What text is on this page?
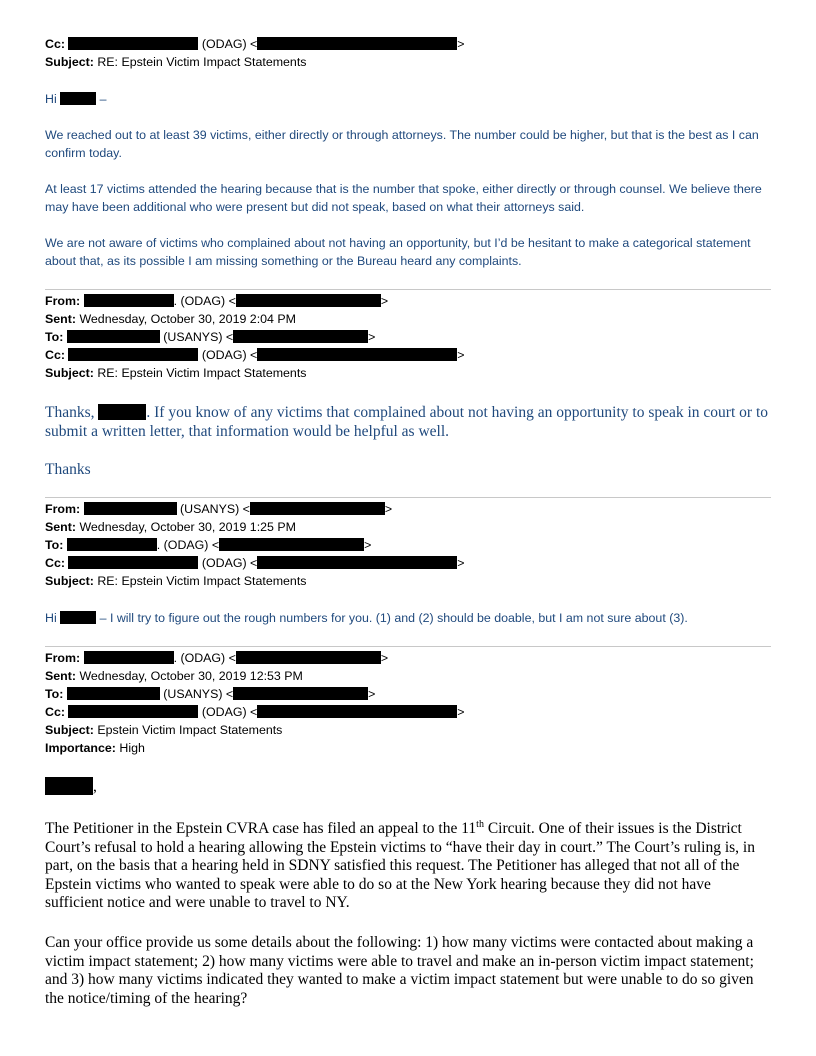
Cc:	(ODAG) <	>
Subject: RE: Epstein Victim Impact Statements
Hi	–
We reached out to at least 39 victims, either directly or through attorneys. The number could be higher, but that is the best as I can confirm today.
At least 17 victims attended the hearing because that is the number that spoke, either directly or through counsel. We believe there may have been additional who were present but did not speak, based on what their attorneys said.
We are not aware of victims who complained about not having an opportunity, but I’d be hesitant to make a categorical statement about that, as its possible I am missing something or the Bureau heard any complaints.
From:	. (ODAG) <	>
Sent: Wednesday, October 30, 2019 2:04 PM
To:	(USANYS) <	>
Cc:	(ODAG) <	>
Subject: RE: Epstein Victim Impact Statements
Thanks,	. If you know of any victims that complained about not having an opportunity to speak in court or to submit a written letter, that information would be helpful as well.
Thanks
From:	(USANYS) <	>
Sent: Wednesday, October 30, 2019 1:25 PM
To:	. (ODAG) <	>
Cc:	(ODAG) <	>
Subject: RE: Epstein Victim Impact Statements
Hi	– I will try to figure out the rough numbers for you. (1) and (2) should be doable, but I am not sure about (3).
From:	. (ODAG) <	>
Sent: Wednesday, October 30, 2019 12:53 PM
To:	(USANYS) <	>
Cc:	(ODAG) <	>
Subject: Epstein Victim Impact Statements
Importance: High
,
The Petitioner in the Epstein CVRA case has filed an appeal to the 11th Circuit. One of their issues is the District Court’s refusal to hold a hearing allowing the Epstein victims to “have their day in court.” The Court’s ruling is, in part, on the basis that a hearing held in SDNY satisfied this request. The Petitioner has alleged that not all of the Epstein victims who wanted to speak were able to do so at the New York hearing because they did not have sufficient notice and were unable to travel to NY.
Can your office provide us some details about the following: 1) how many victims were contacted about making a victim impact statement; 2) how many victims were able to travel and make an in-person victim impact statement; and 3) how many victims indicated they wanted to make a victim impact statement but were unable to do so given the notice/timing of the hearing?
